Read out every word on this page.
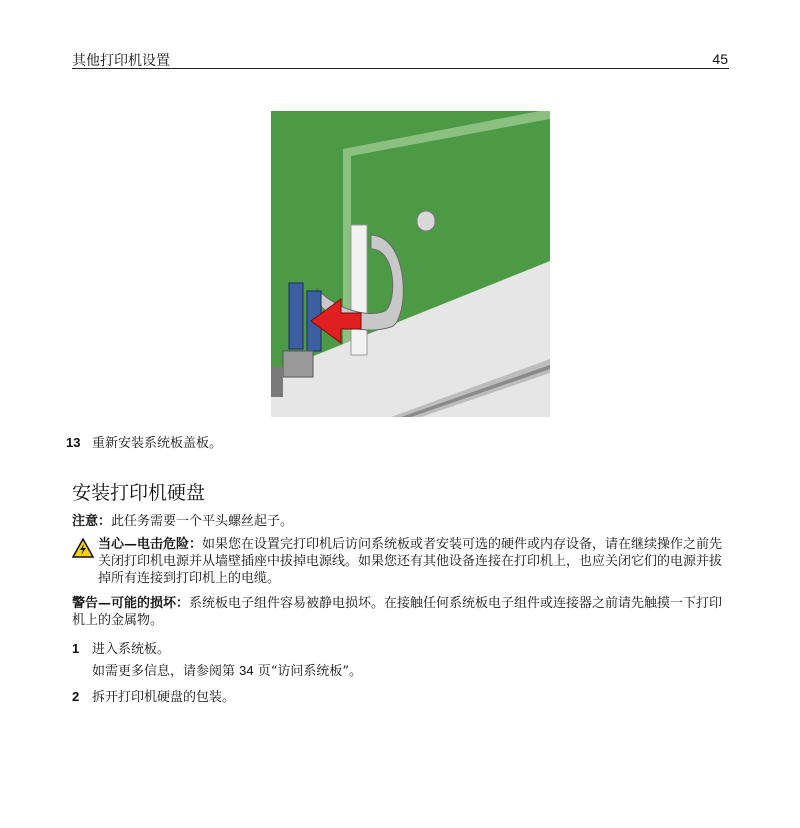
其他打印机设置	45
13 重新安装系统板盖板。
安装打印机硬盘
注意：此任务需要一个平头螺丝起子。
当心—电击危险：如果您在设置完打印机后访问系统板或者安装可选的硬件或内存设备，请在继续操作之前先关闭打印机电源并从墙壁插座中拔掉电源线。如果您还有其他设备连接在打印机上，也应关闭它们的电源并拔掉所有连接到打印机上的电缆。
警告—可能的损坏：系统板电子组件容易被静电损坏。在接触任何系统板电子组件或连接器之前请先触摸一下打印机上的金属物。
1 进入系统板。
如需更多信息，请参阅第 34 页“访问系统板”。
2 拆开打印机硬盘的包装。
